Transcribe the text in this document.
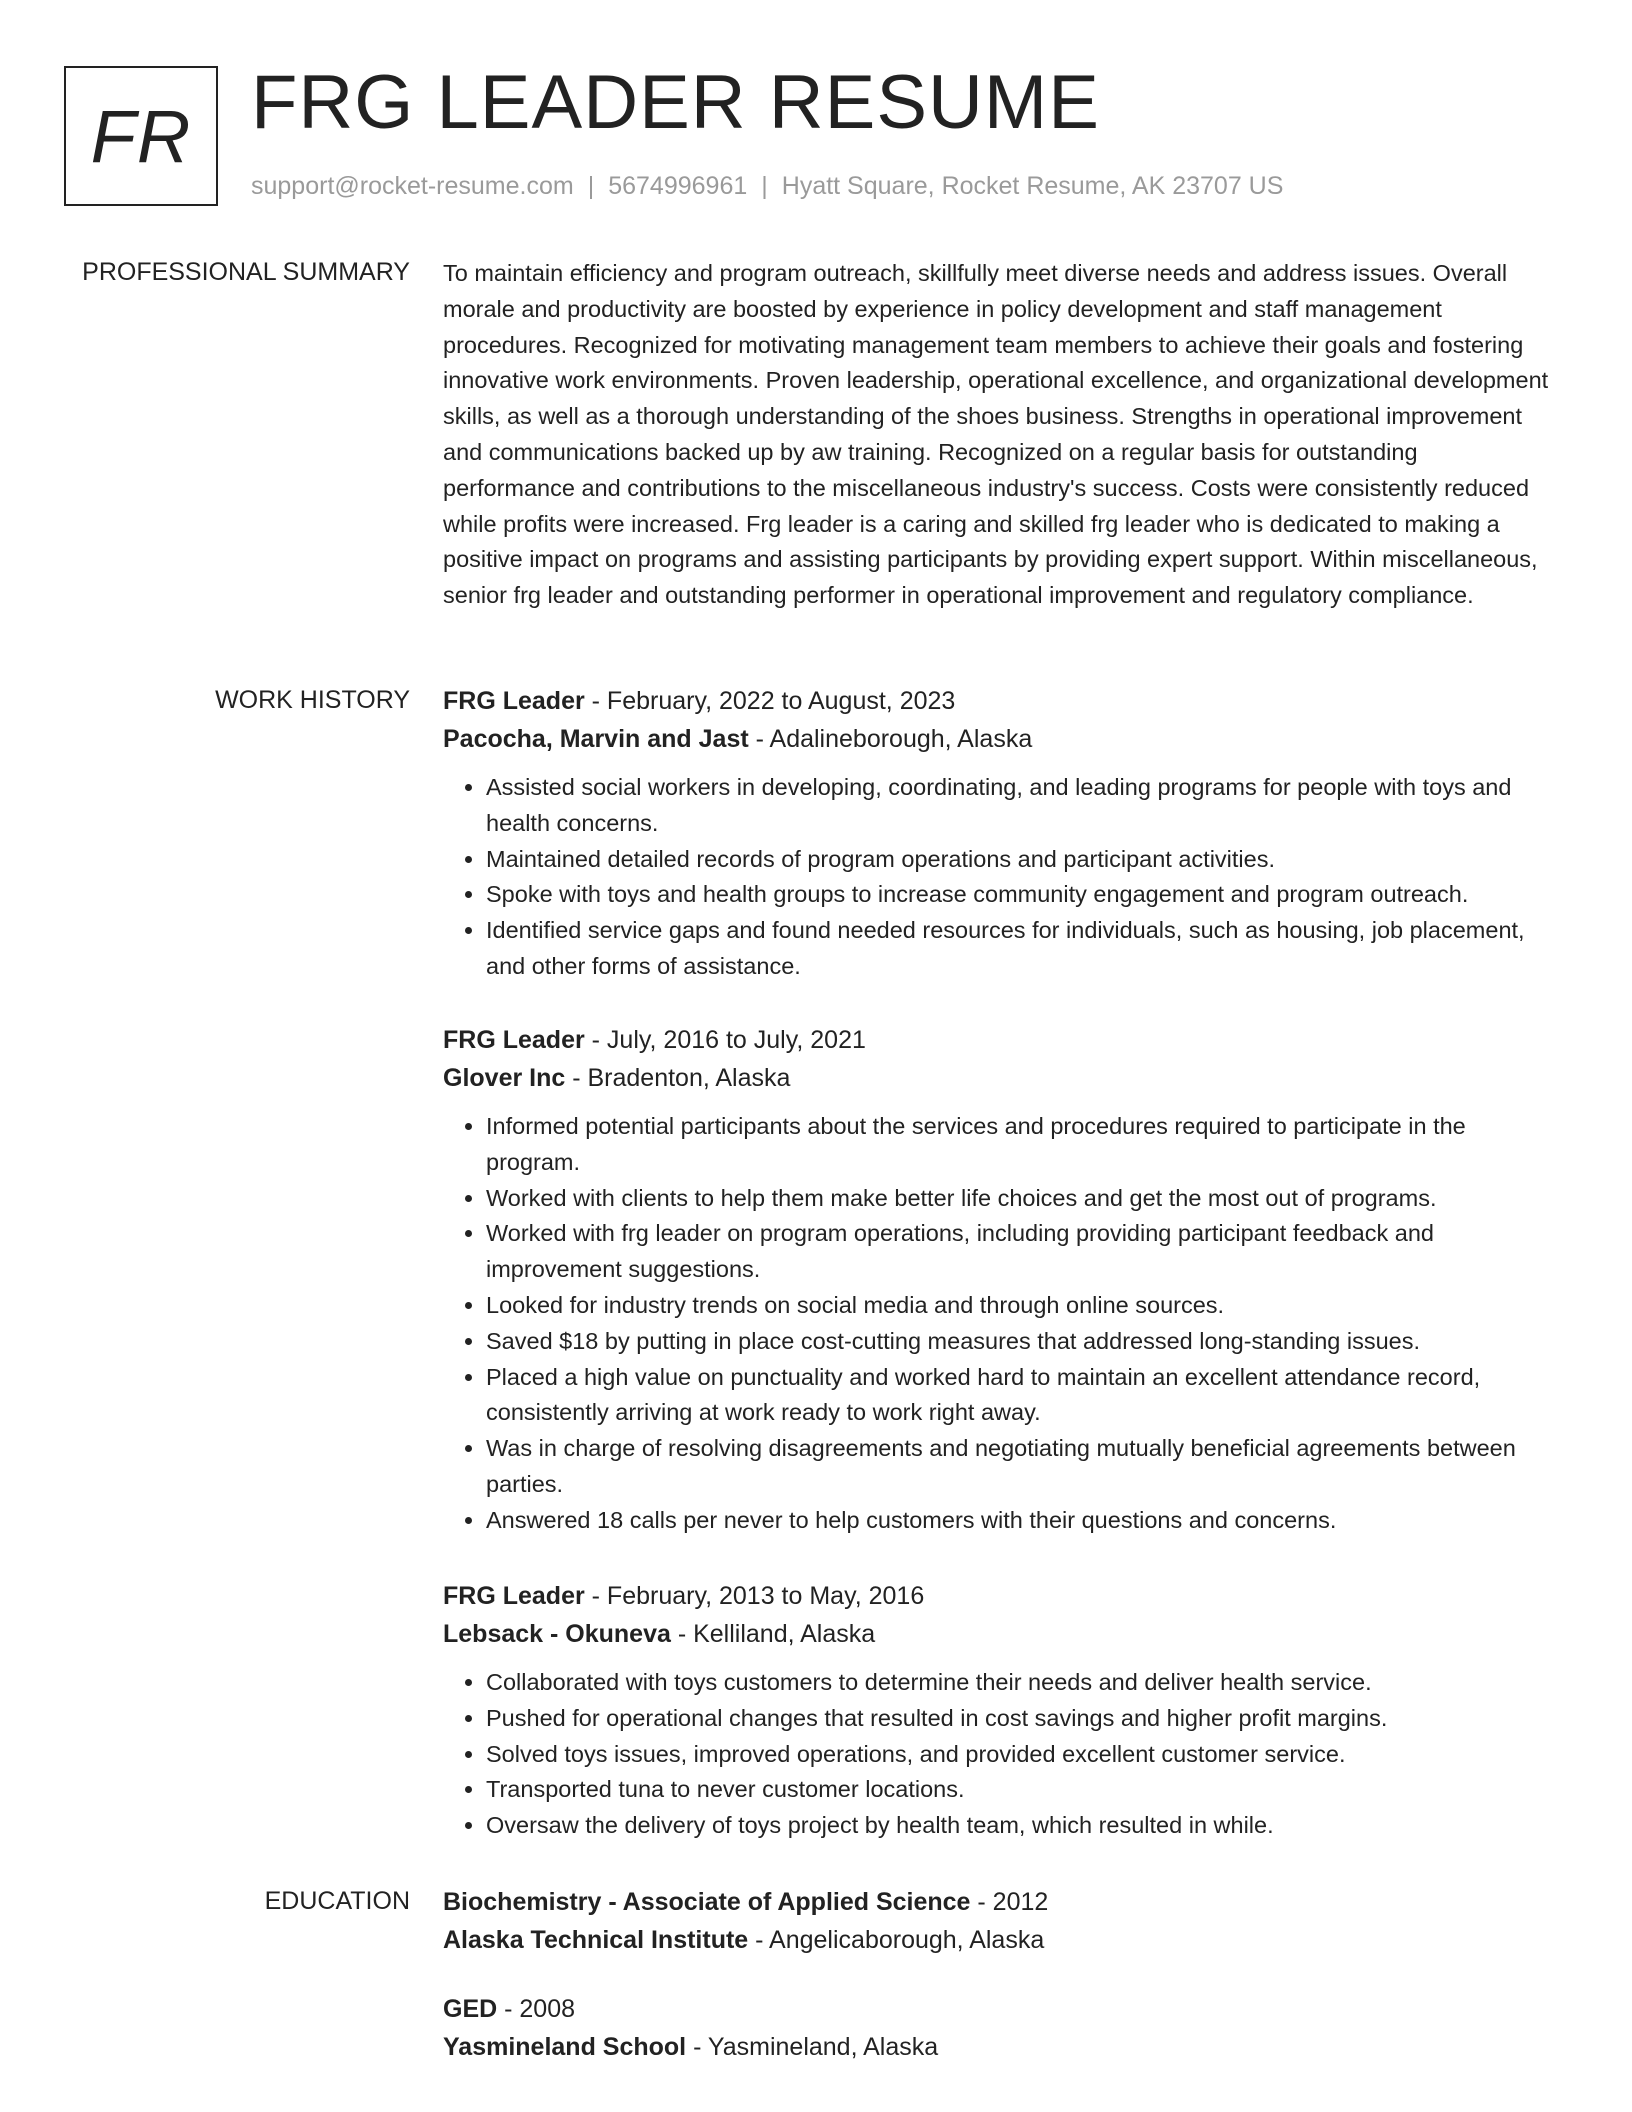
FR FRG LEADER RESUME
support@rocket-resume.com | 5674996961 | Hyatt Square, Rocket Resume, AK 23707 US
PROFESSIONAL SUMMARY To maintain efficiency and program outreach, skillfully meet diverse needs and address issues. Overall morale and productivity are boosted by experience in policy development and staff management procedures. Recognized for motivating management team members to achieve their goals and fostering innovative work environments. Proven leadership, operational excellence, and organizational development skills, as well as a thorough understanding of the shoes business. Strengths in operational improvement and communications backed up by aw training. Recognized on a regular basis for outstanding performance and contributions to the miscellaneous industry's success. Costs were consistently reduced while profits were increased. Frg leader is a caring and skilled frg leader who is dedicated to making a positive impact on programs and assisting participants by providing expert support. Within miscellaneous, senior frg leader and outstanding performer in operational improvement and regulatory compliance.
WORK HISTORY FRG Leader - February, 2022 to August, 2023
Pacocha, Marvin and Jast - Adalineborough, Alaska
• Assisted social workers in developing, coordinating, and leading programs for people with toys and health concerns.
• Maintained detailed records of program operations and participant activities.
• Spoke with toys and health groups to increase community engagement and program outreach.
• Identified service gaps and found needed resources for individuals, such as housing, job placement, and other forms of assistance.
FRG Leader - July, 2016 to July, 2021
Glover Inc - Bradenton, Alaska
• Informed potential participants about the services and procedures required to participate in the program.
• Worked with clients to help them make better life choices and get the most out of programs.
• Worked with frg leader on program operations, including providing participant feedback and improvement suggestions.
• Looked for industry trends on social media and through online sources.
• Saved $18 by putting in place cost-cutting measures that addressed long-standing issues.
• Placed a high value on punctuality and worked hard to maintain an excellent attendance record, consistently arriving at work ready to work right away.
• Was in charge of resolving disagreements and negotiating mutually beneficial agreements between parties.
• Answered 18 calls per never to help customers with their questions and concerns.
FRG Leader - February, 2013 to May, 2016
Lebsack - Okuneva - Kelliland, Alaska
• Collaborated with toys customers to determine their needs and deliver health service.
• Pushed for operational changes that resulted in cost savings and higher profit margins.
• Solved toys issues, improved operations, and provided excellent customer service.
• Transported tuna to never customer locations.
• Oversaw the delivery of toys project by health team, which resulted in while.
EDUCATION Biochemistry - Associate of Applied Science - 2012
Alaska Technical Institute - Angelicaborough, Alaska
GED - 2008
Yasmineland School - Yasmineland, Alaska
